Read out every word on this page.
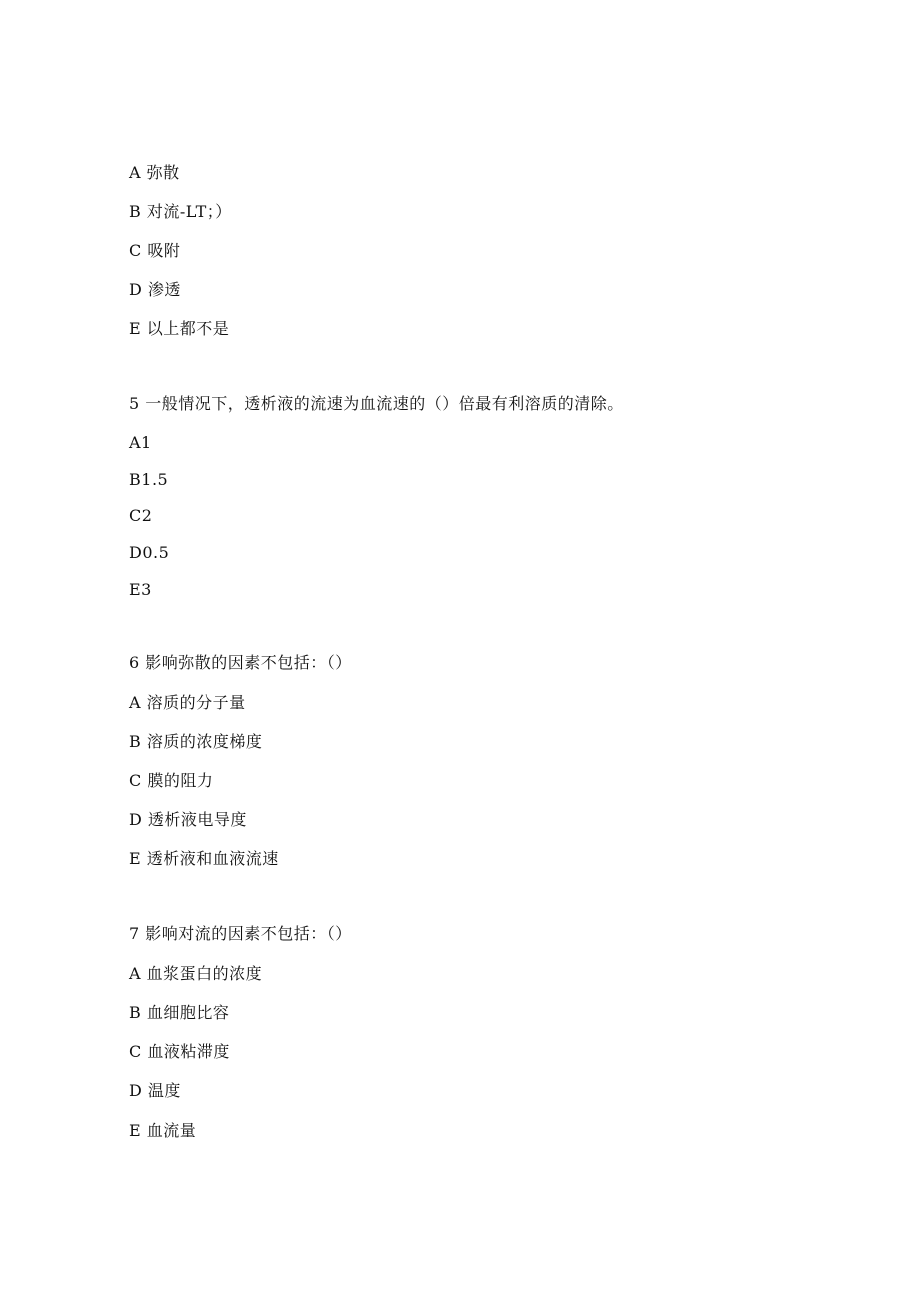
A 弥散
B 对流-LT；）
C 吸附
D 渗透
E 以上都不是
5 一般情况下，透析液的流速为血流速的（）倍最有利溶质的清除。
A1
B1.5
C2
D0.5
E3
6 影响弥散的因素不包括：（）
A 溶质的分子量
B 溶质的浓度梯度
C 膜的阻力
D 透析液电导度
E 透析液和血液流速
7 影响对流的因素不包括：（）
A 血浆蛋白的浓度
B 血细胞比容
C 血液粘滞度
D 温度
E 血流量
